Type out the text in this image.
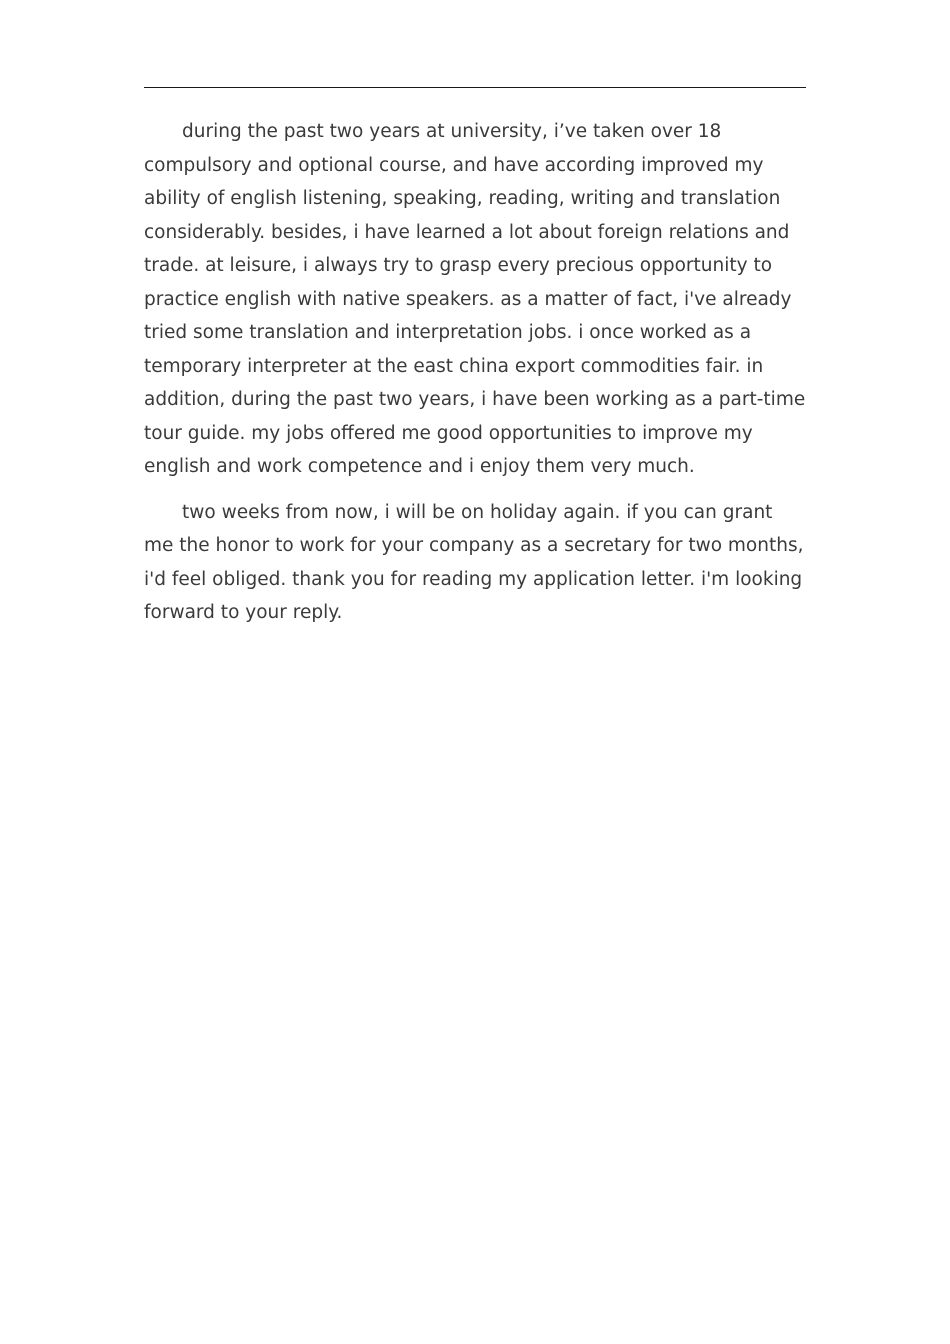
during the past two years at university, i’ve taken over 18 compulsory and optional course, and have according improved my ability of english listening, speaking, reading, writing and translation considerably. besides, i have learned a lot about foreign relations and trade. at leisure, i always try to grasp every precious opportunity to practice english with native speakers. as a matter of fact, i've already tried some translation and interpretation jobs. i once worked as a temporary interpreter at the east china export commodities fair. in addition, during the past two years, i have been working as a part-time tour guide. my jobs offered me good opportunities to improve my english and work competence and i enjoy them very much.

two weeks from now, i will be on holiday again. if you can grant me the honor to work for your company as a secretary for two months, i'd feel obliged. thank you for reading my application letter. i'm looking forward to your reply.
